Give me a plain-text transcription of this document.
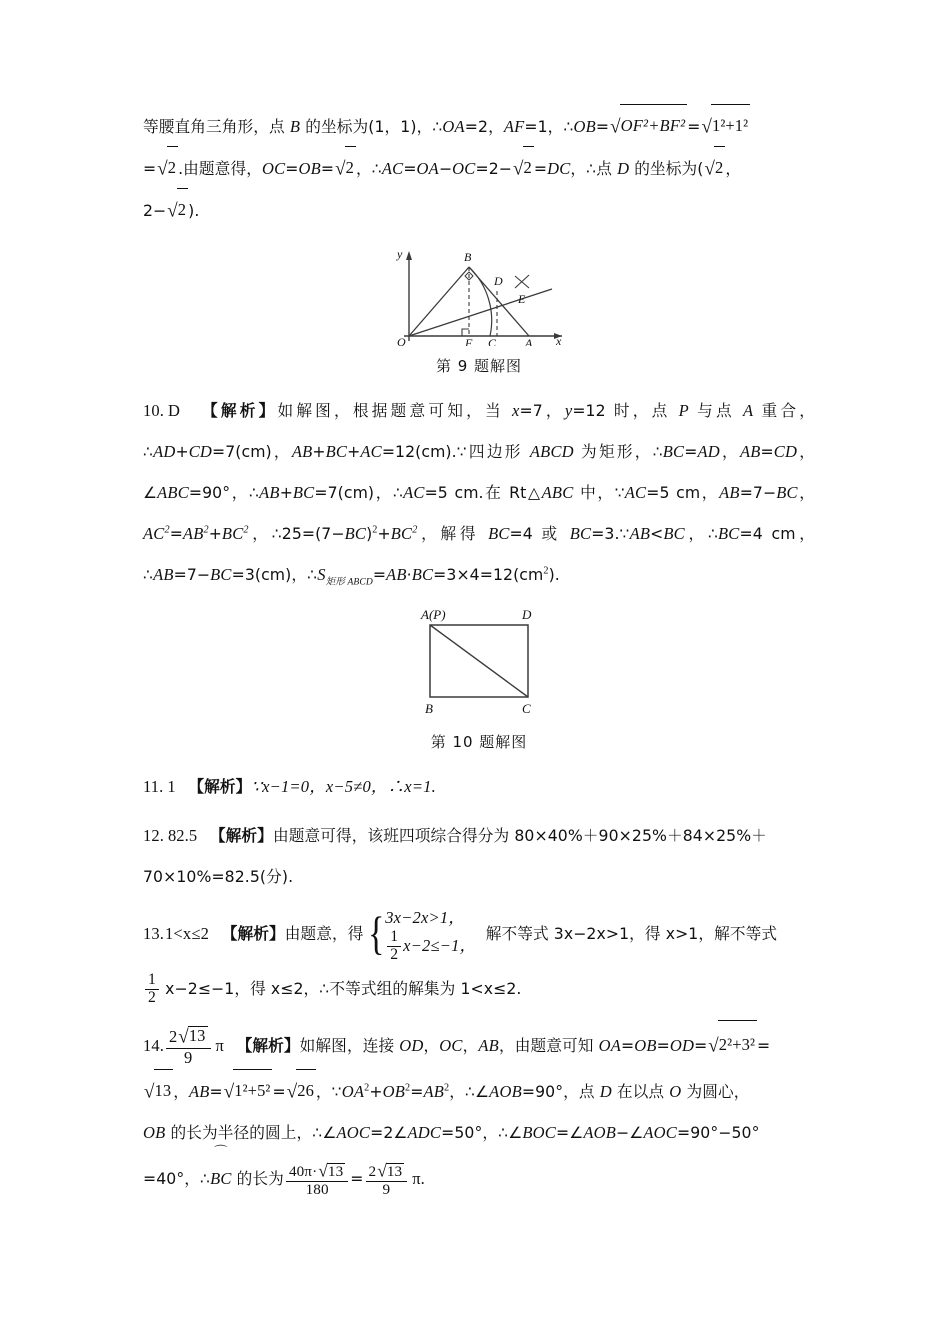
等腰直角三角形，点 B 的坐标为(1，1)，∴OA=2，AF=1，∴OB=√OF²+BF² =√1²+1²
=√2 .由题意得，OC=OB=√2 ，∴AC=OA−OC=2−√2 =DC，∴点 D 的坐标为(√2 ，
2−√2 ).
y
x
O
B
D
E
F C A
第 9 题解图
10. D 【解析】如解图，根据题意可知，当 x=7，y=12 时，点 P 与点 A 重合，∴AD+CD=7(cm)，AB+BC+AC=12(cm).∵四边形 ABCD 为矩形，∴BC=AD，AB=CD，∠ABC=90°，∴AB+BC=7(cm)，∴AC=5 cm.在 Rt△ABC 中，∵AC=5 cm，AB=7−BC，$AC^2=AB^2+BC^2$，$\therefore 25=(7-BC)^2+BC^2$，解得 BC=4 或 BC=3.∵AB<BC，∴BC=4 cm，∴AB=7−BC=3(cm)，$\therefore S_{矩形 ABCD}=AB\cdot BC=3\times 4=12(cm^2)$.
A(P)	D
B	C
第 10 题解图
11. 1 【解析】∵x−1=0，x−5≠0，∴x=1.
12. 82.5 【解析】由题意可得，该班四项综合得分为 80×40%＋90×25%＋84×25%＋
70×10%=82.5(分).
13.1<x≤2 【解析】由题意，得 { 3x−2x>1，
$\frac{1}{2} x-2\le-1$，
解不等式 3x−2x>1，得 x>1，解不等式
$\frac{1}{2} x-2\le-1$，得 x≤2，∴不等式组的解集为 1<x≤2.
14. $\frac{2√13}{9}$ π 【解析】如解图，连接 OD，OC，AB，由题意可知 OA=OB=OD=√2²+3² =
√13 ，AB=√1²+5² =√26 ，$\because OA^2+OB^2=AB^2$，∴∠AOB=90°，点 D 在以点 O 为圆心，
OB 的长为半径的圆上，∴∠AOC=2∠ADC=50°，∴∠BOC=∠AOB−∠AOC=90°−50°
=40°，∴
⌒
BC 的长为 $\frac{40\pi\cdot√13}{180} = \frac{2√13}{9} \pi$.
